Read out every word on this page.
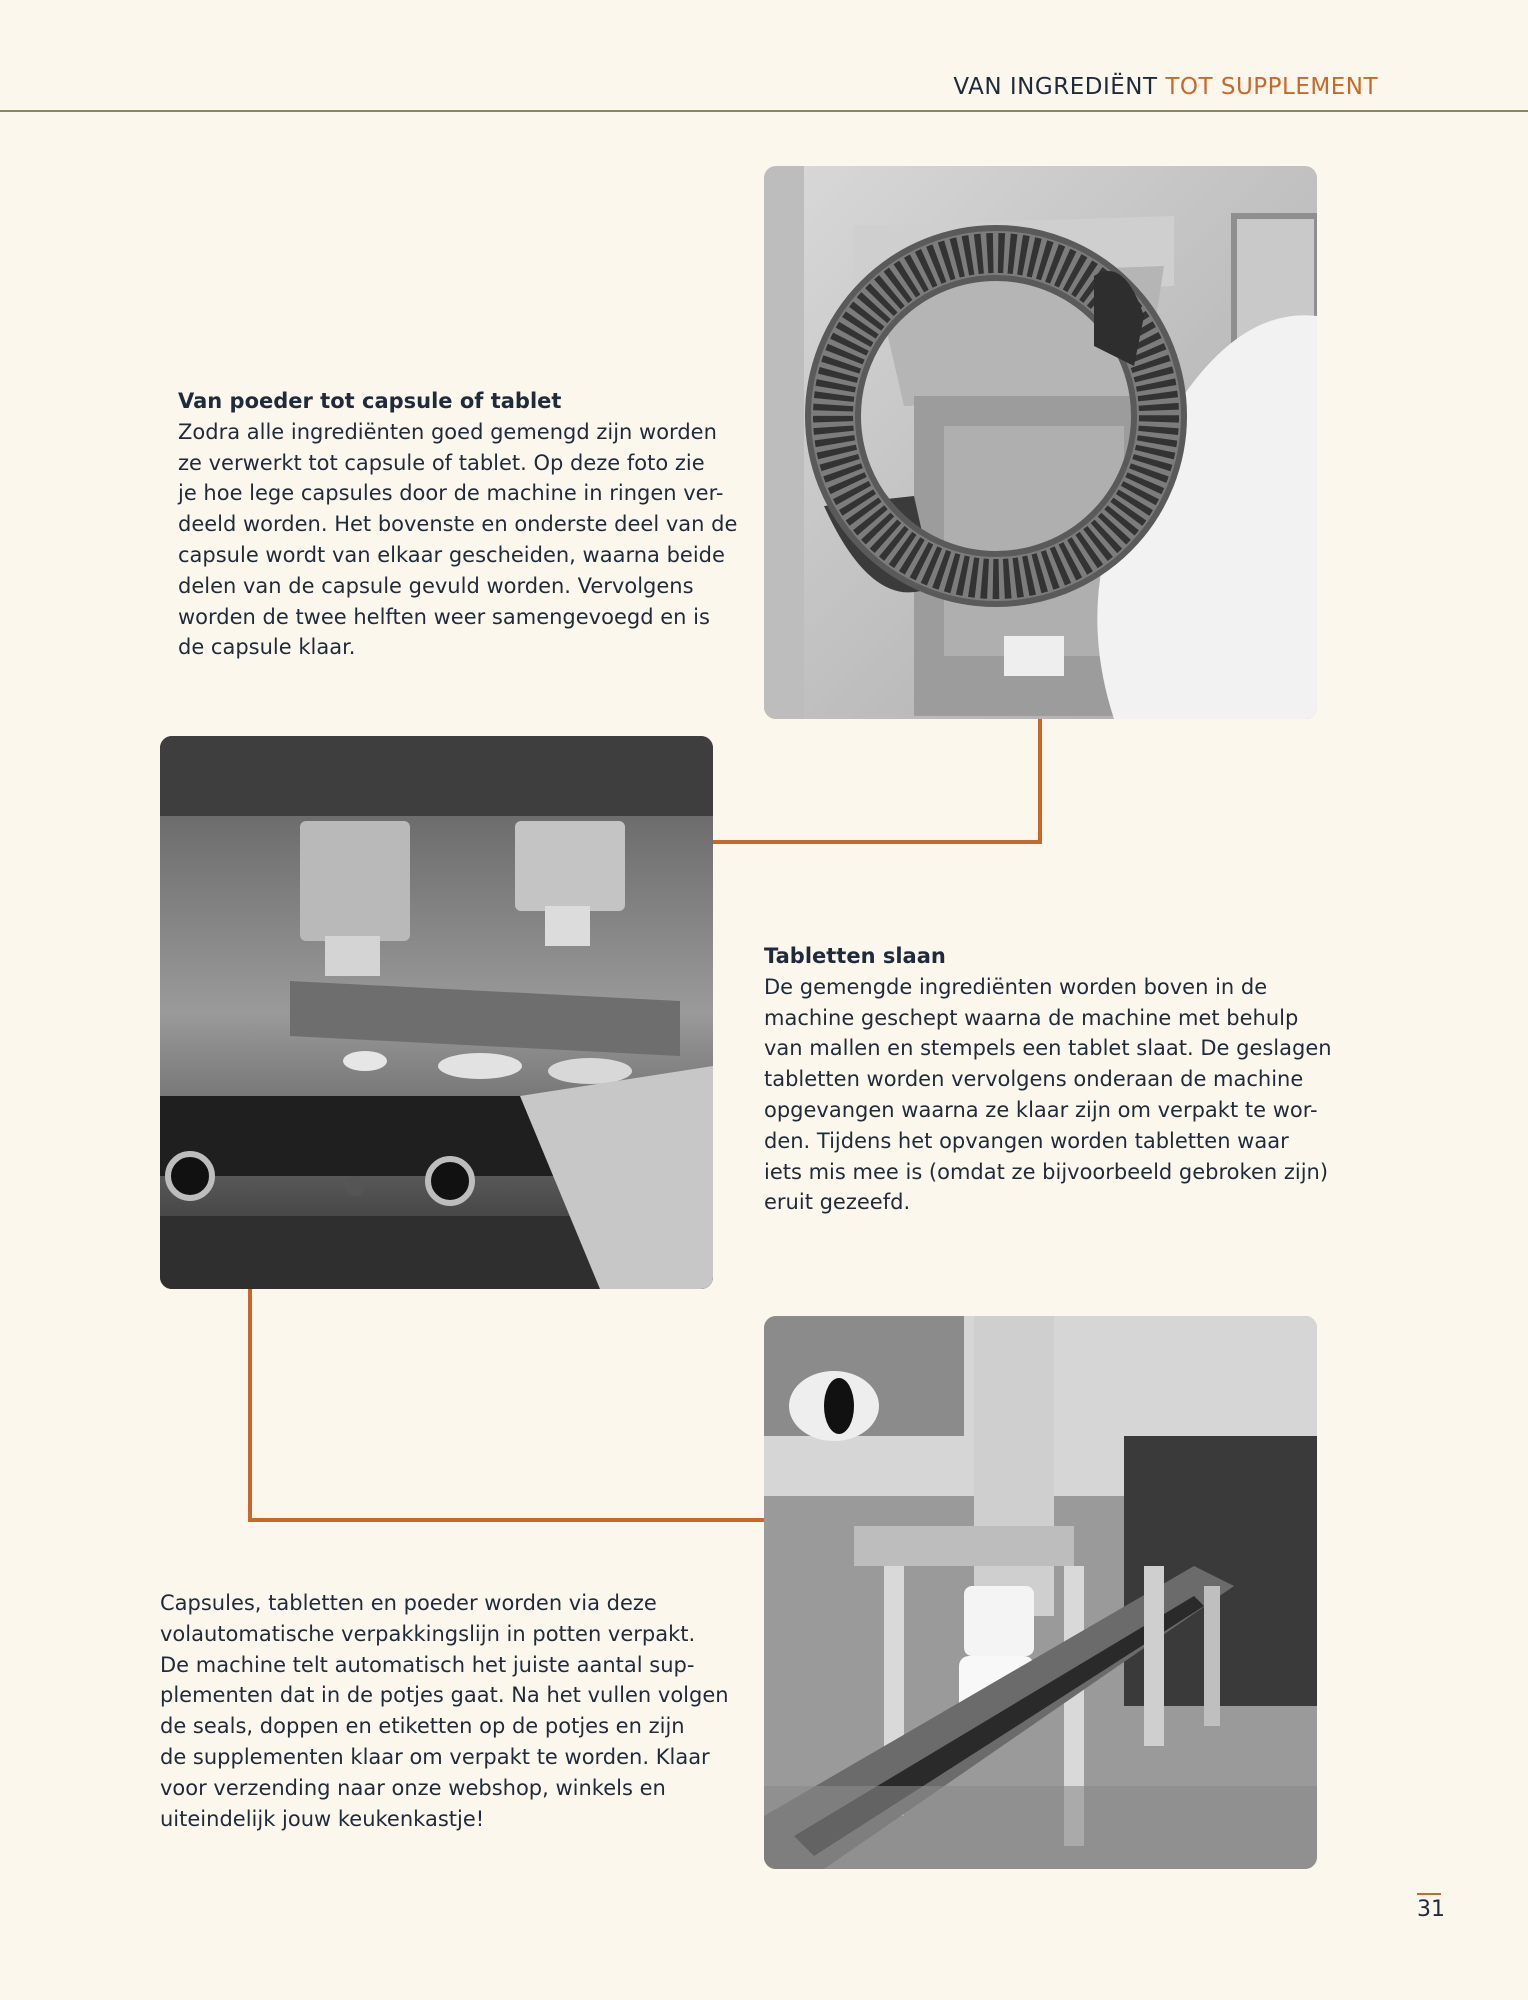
VAN INGREDIËNT TOT SUPPLEMENT
Van poeder tot capsule of tablet
Zodra alle ingrediënten goed gemengd zijn worden
ze verwerkt tot capsule of tablet. Op deze foto zie
je hoe lege capsules door de machine in ringen ver-
deeld worden. Het bovenste en onderste deel van de
capsule wordt van elkaar gescheiden, waarna beide
delen van de capsule gevuld worden. Vervolgens
worden de twee helften weer samengevoegd en is
de capsule klaar.
Tabletten slaan
De gemengde ingrediënten worden boven in de
machine geschept waarna de machine met behulp
van mallen en stempels een tablet slaat. De geslagen
tabletten worden vervolgens onderaan de machine
opgevangen waarna ze klaar zijn om verpakt te wor-
den. Tijdens het opvangen worden tabletten waar
iets mis mee is (omdat ze bijvoorbeeld gebroken zijn)
eruit gezeefd.
Capsules, tabletten en poeder worden via deze
volautomatische verpakkingslijn in potten verpakt.
De machine telt automatisch het juiste aantal sup-
plementen dat in de potjes gaat. Na het vullen volgen
de seals, doppen en etiketten op de potjes en zijn
de supplementen klaar om verpakt te worden. Klaar
voor verzending naar onze webshop, winkels en
uiteindelijk jouw keukenkastje!
31
